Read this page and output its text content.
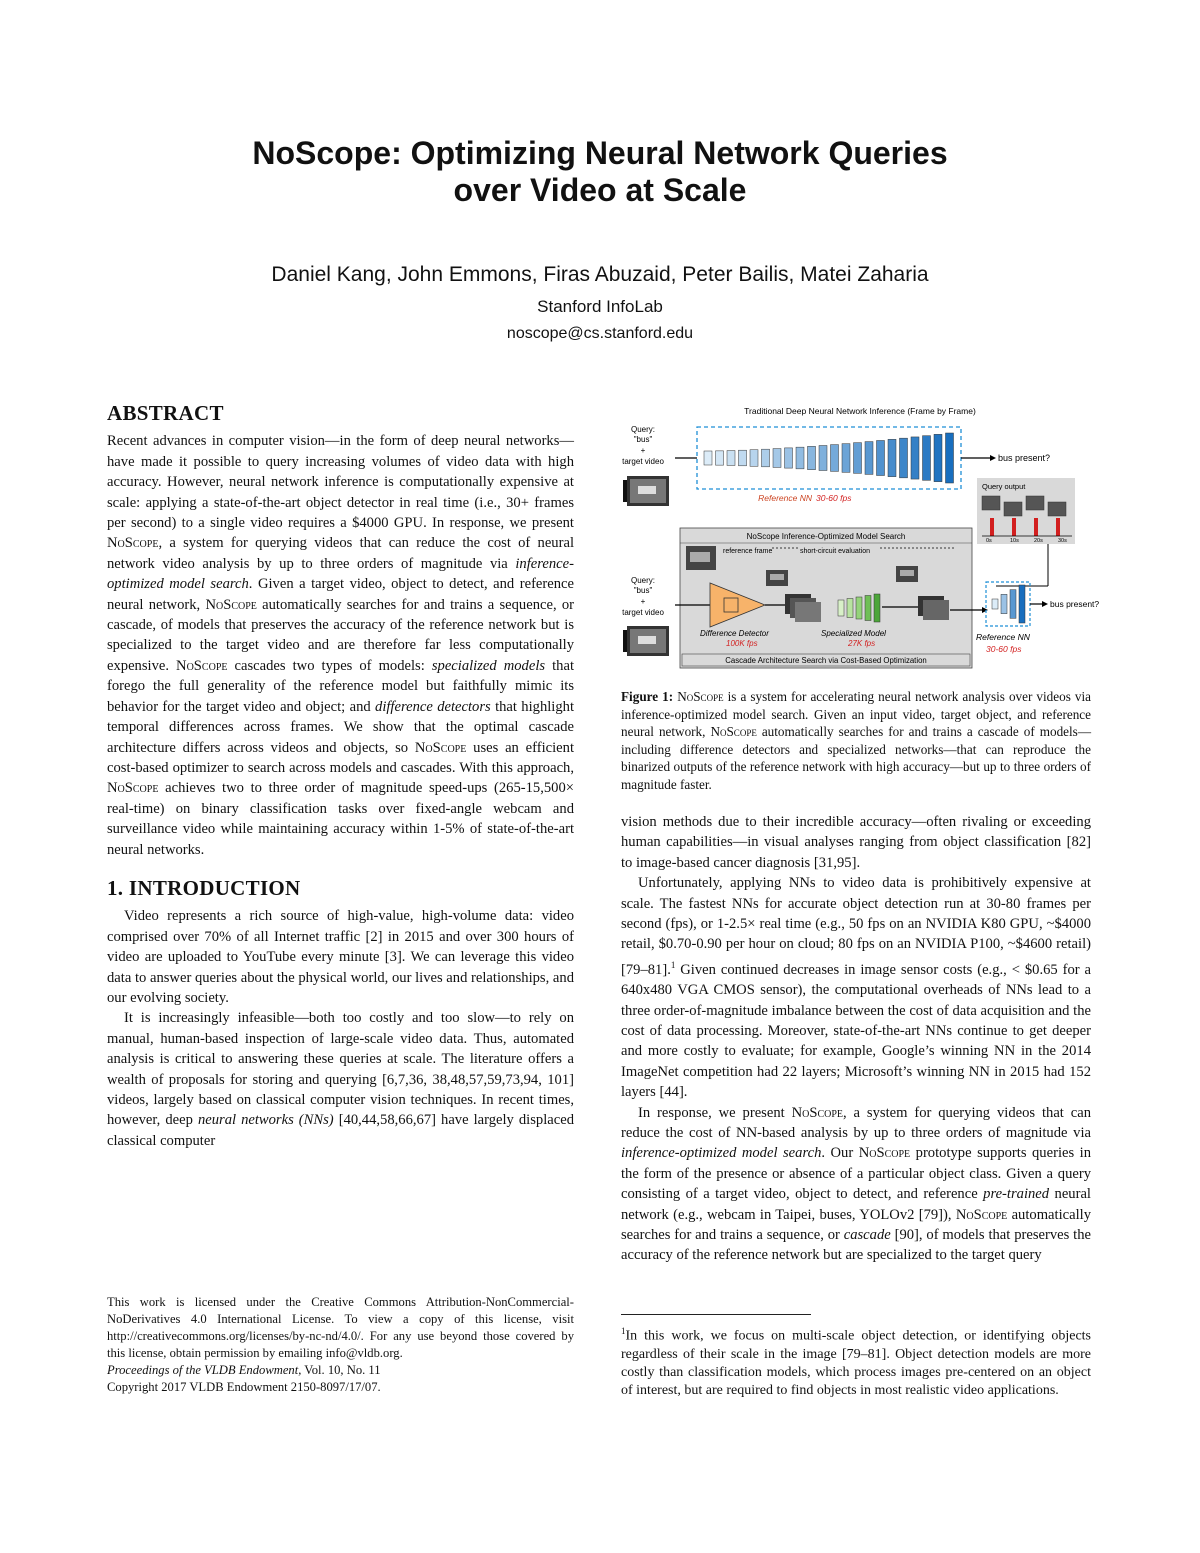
NoScope: Optimizing Neural Network Queries
over Video at Scale
Daniel Kang, John Emmons, Firas Abuzaid, Peter Bailis, Matei Zaharia
Stanford InfoLab
noscope@cs.stanford.edu
ABSTRACT

Recent advances in computer vision—in the form of deep neural networks—have made it possible to query increasing volumes of video data with high accuracy. However, neural network inference is computationally expensive at scale: applying a state-of-the-art object detector in real time (i.e., 30+ frames per second) to a single video requires a $4000 GPU. In response, we present NoScope, a system for querying videos that can reduce the cost of neural network video analysis by up to three orders of magnitude via inference-optimized model search. Given a target video, object to detect, and reference neural network, NoScope automatically searches for and trains a sequence, or cascade, of models that preserves the accuracy of the reference network but is specialized to the target video and are therefore far less computationally expensive. NoScope cascades two types of models: specialized models that forego the full generality of the reference model but faithfully mimic its behavior for the target video and object; and difference detectors that highlight temporal differences across frames. We show that the optimal cascade architecture differs across videos and objects, so NoScope uses an efficient cost-based optimizer to search across models and cascades. With this approach, NoScope achieves two to three order of magnitude speed-ups (265-15,500× real-time) on binary classification tasks over fixed-angle webcam and surveillance video while maintaining accuracy within 1-5% of state-of-the-art neural networks.

1. INTRODUCTION

Video represents a rich source of high-value, high-volume data: video comprised over 70% of all Internet traffic [2] in 2015 and over 300 hours of video are uploaded to YouTube every minute [3]. We can leverage this video data to answer queries about the physical world, our lives and relationships, and our evolving society.

It is increasingly infeasible—both too costly and too slow—to rely on manual, human-based inspection of large-scale video data. Thus, automated analysis is critical to answering these queries at scale. The literature offers a wealth of proposals for storing and querying [6,7,36, 38,48,57,59,73,94, 101] videos, largely based on classical computer vision techniques. In recent times, however, deep neural networks (NNs) [40,44,58,66,67] have largely displaced classical computer

This work is licensed under the Creative Commons Attribution-NonCommercial-NoDerivatives 4.0 International License. To view a copy of this license, visit http://creativecommons.org/licenses/by-nc-nd/4.0/. For any use beyond those covered by this license, obtain permission by emailing info@vldb.org.

Proceedings of the VLDB Endowment, Vol. 10, No. 11

Copyright 2017 VLDB Endowment 2150-8097/17/07.

Traditional Deep Neural Network Inference (Frame by Frame)
Query:
"bus"
+
target video	bus present?
Reference NN 30-60 fps
Query output
0s	10s	20s	30s
NoScope Inference-Optimized Model Search
reference frame	short-circuit evaluation
Query:
"bus"
+
target video
Difference Detector
100K fps
Specialized Model
27K fps
Cascade Architecture Search via Cost-Based Optimization
bus present?
Reference NN
30-60 fps
Figure 1: NoScope is a system for accelerating neural network analysis over videos via inference-optimized model search. Given an input video, target object, and reference neural network, NoScope automatically searches for and trains a cascade of models—including difference detectors and specialized networks—that can reproduce the binarized outputs of the reference network with high accuracy—but up to three orders of magnitude faster.

vision methods due to their incredible accuracy—often rivaling or exceeding human capabilities—in visual analyses ranging from object classification [82] to image-based cancer diagnosis [31,95].

Unfortunately, applying NNs to video data is prohibitively expensive at scale. The fastest NNs for accurate object detection run at 30-80 frames per second (fps), or 1-2.5× real time (e.g., 50 fps on an NVIDIA K80 GPU, ~$4000 retail, $0.70-0.90 per hour on cloud; 80 fps on an NVIDIA P100, ~$4600 retail) [79–81].$^1$ Given continued decreases in image sensor costs (e.g., < $0.65 for a 640x480 VGA CMOS sensor), the computational overheads of NNs lead to a three order-of-magnitude imbalance between the cost of data acquisition and the cost of data processing. Moreover, state-of-the-art NNs continue to get deeper and more costly to evaluate; for example, Google’s winning NN in the 2014 ImageNet competition had 22 layers; Microsoft’s winning NN in 2015 had 152 layers [44].

In response, we present NoScope, a system for querying videos that can reduce the cost of NN-based analysis by up to three orders of magnitude via inference-optimized model search. Our NoScope prototype supports queries in the form of the presence or absence of a particular object class. Given a query consisting of a target video, object to detect, and reference pre-trained neural network (e.g., webcam in Taipei, buses, YOLOv2 [79]), NoScope automatically searches for and trains a sequence, or cascade [90], of models that preserves the accuracy of the reference network but are specialized to the target query

$^1$In this work, we focus on multi-scale object detection, or identifying objects regardless of their scale in the image [79–81]. Object detection models are more costly than classification models, which process images pre-centered on an object of interest, but are required to find objects in most realistic video applications.
